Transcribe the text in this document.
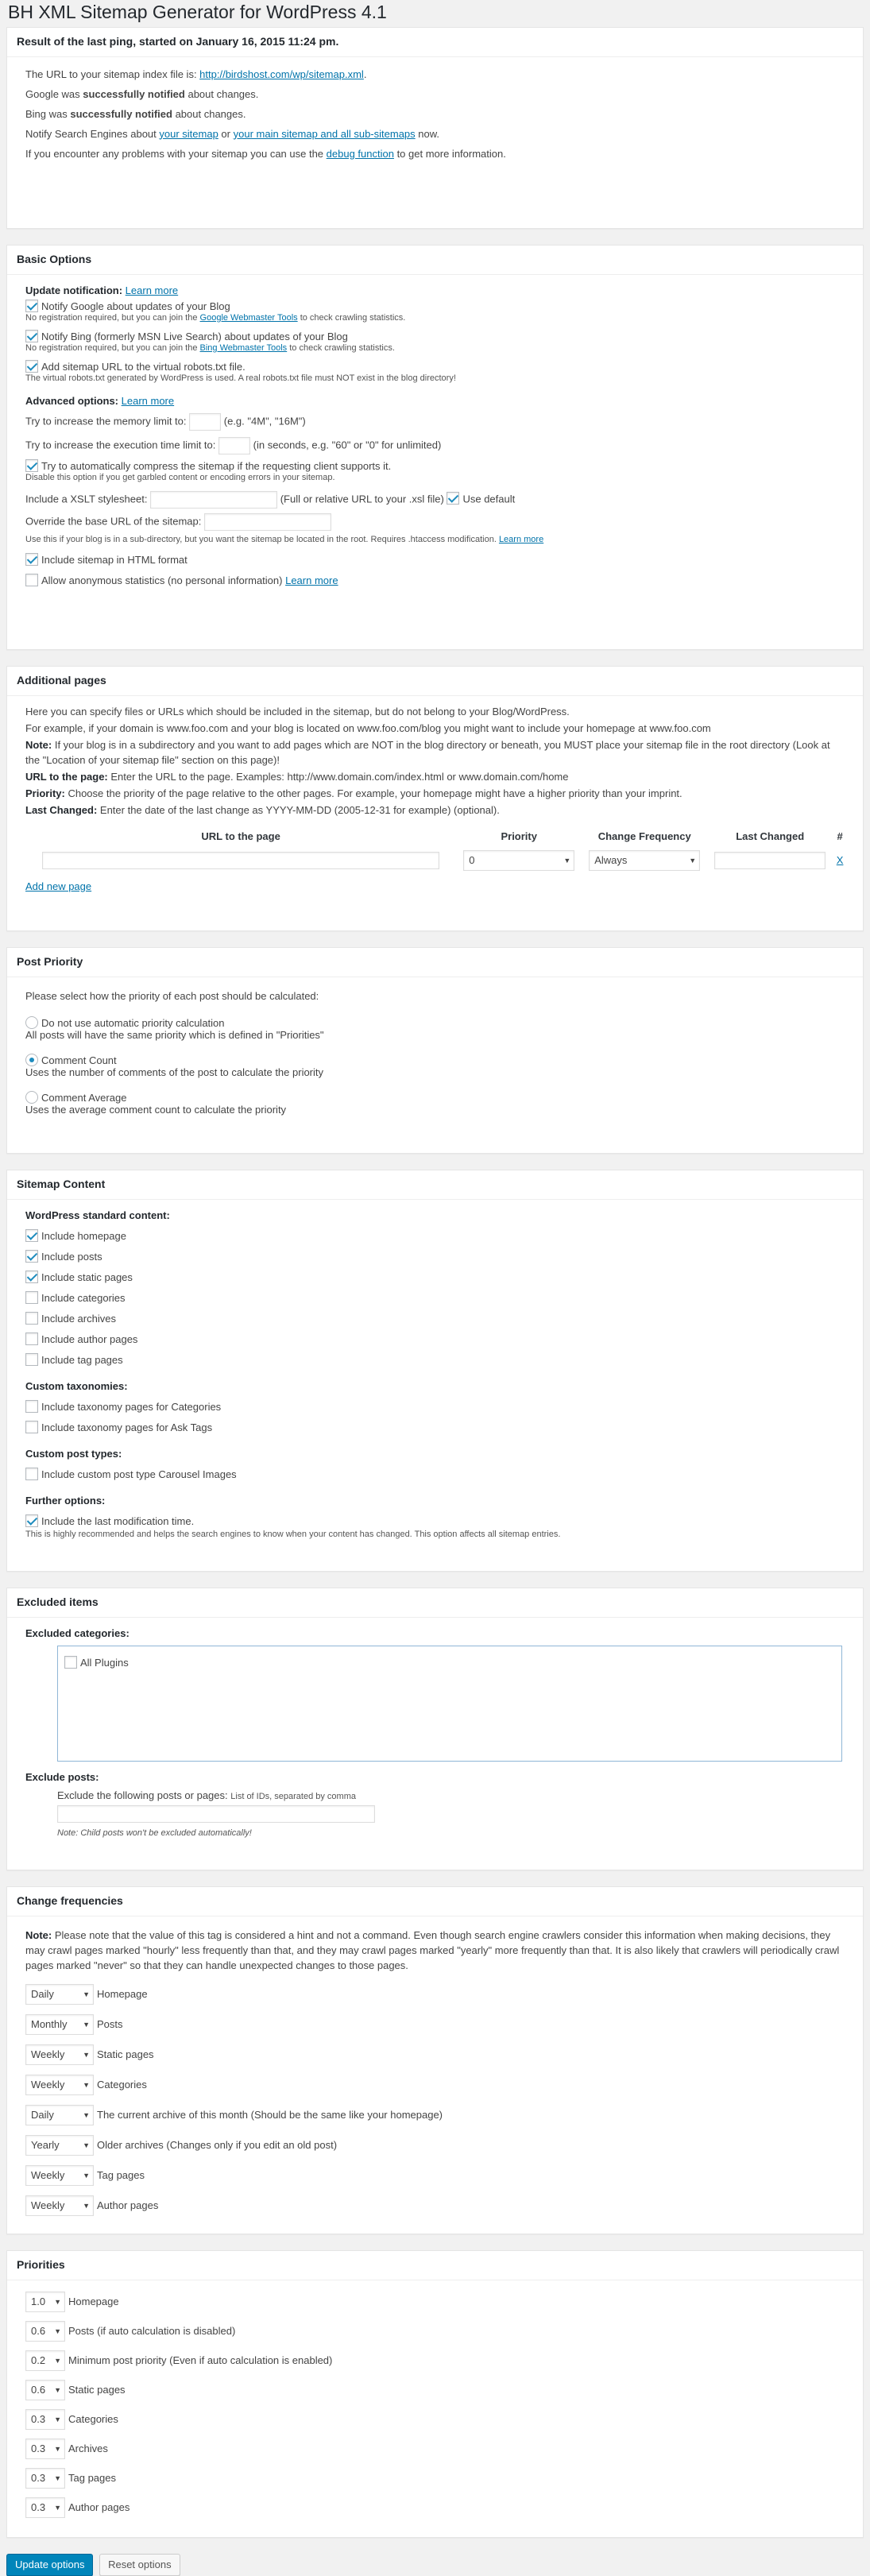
BH XML Sitemap Generator for WordPress 4.1
Result of the last ping, started on January 16, 2015 11:24 pm.

The URL to your sitemap index file is: http://birdshost.com/wp/sitemap.xml.

Google was successfully notified about changes.

Bing was successfully notified about changes.

Notify Search Engines about your sitemap or your main sitemap and all sub-sitemaps now.

If you encounter any problems with your sitemap you can use the debug function to get more information.

Basic Options

Update notification: Learn more

Notify Google about updates of your Blog
No registration required, but you can join the Google Webmaster Tools to check crawling statistics.
Notify Bing (formerly MSN Live Search) about updates of your Blog
No registration required, but you can join the Bing Webmaster Tools to check crawling statistics.
Add sitemap URL to the virtual robots.txt file.
The virtual robots.txt generated by WordPress is used. A real robots.txt file must NOT exist in the blog directory!

Advanced options: Learn more

Try to increase the memory limit to:	(e.g. "4M", "16M")
Try to increase the execution time limit to:	(in seconds, e.g. "60" or "0" for unlimited)
Try to automatically compress the sitemap if the requesting client supports it.
Disable this option if you get garbled content or encoding errors in your sitemap.
Include a XSLT stylesheet:	(Full or relative URL to your .xsl file) Use default
Override the base URL of the sitemap:
Use this if your blog is in a sub-directory, but you want the sitemap be located in the root. Requires .htaccess modification. Learn more
Include sitemap in HTML format
Allow anonymous statistics (no personal information) Learn more
Additional pages

Here you can specify files or URLs which should be included in the sitemap, but do not belong to your Blog/WordPress.

For example, if your domain is www.foo.com and your blog is located on www.foo.com/blog you might want to include your homepage at www.foo.com

Note: If your blog is in a subdirectory and you want to add pages which are NOT in the blog directory or beneath, you MUST place your sitemap file in the root directory (Look at the "Location of your sitemap file" section on this page)!

URL to the page: Enter the URL to the page. Examples: http://www.domain.com/index.html or www.domain.com/home

Priority: Choose the priority of the page relative to the other pages. For example, your homepage might have a higher priority than your imprint.

Last Changed: Enter the date of the last change as YYYY-MM-DD (2005-12-31 for example) (optional).

URL to the page	Priority	Change Frequency	Last Changed	#
	0 ▼	Always ▼		X

Add new page

Post Priority

Please select how the priority of each post should be calculated:

Do not use automatic priority calculation
All posts will have the same priority which is defined in "Priorities"
Comment Count
Uses the number of comments of the post to calculate the priority
Comment Average
Uses the average comment count to calculate the priority
Sitemap Content

WordPress standard content:

Include homepage
Include posts
Include static pages
Include categories
Include archives
Include author pages
Include tag pages

Custom taxonomies:

Include taxonomy pages for Categories
Include taxonomy pages for Ask Tags

Custom post types:

Include custom post type Carousel Images

Further options:

Include the last modification time.
This is highly recommended and helps the search engines to know when your content has changed. This option affects all sitemap entries.
Excluded items

Excluded categories:

All Plugins

Exclude posts:

Exclude the following posts or pages: List of IDs, separated by comma
Note: Child posts won't be excluded automatically!
Change frequencies

Note: Please note that the value of this tag is considered a hint and not a command. Even though search engine crawlers consider this information when making decisions, they may crawl pages marked "hourly" less frequently than that, and they may crawl pages marked "yearly" more frequently than that. It is also likely that crawlers will periodically crawl pages marked "never" so that they can handle unexpected changes to those pages.

Daily	▼ Homepage
Monthly ▼ Posts
Weekly	▼ Static pages
Weekly	▼ Categories
Daily	▼ The current archive of this month (Should be the same like your homepage)
Yearly	▼ Older archives (Changes only if you edit an old post)
Weekly	▼ Tag pages
Weekly	▼ Author pages
Priorities
1.0 ▼ Homepage
0.6 ▼ Posts (if auto calculation is disabled)
0.2 ▼ Minimum post priority (Even if auto calculation is enabled)
0.6 ▼ Static pages
0.3 ▼ Categories
0.3 ▼ Archives
0.3 ▼ Tag pages
0.3 ▼ Author pages
Update options Reset options
